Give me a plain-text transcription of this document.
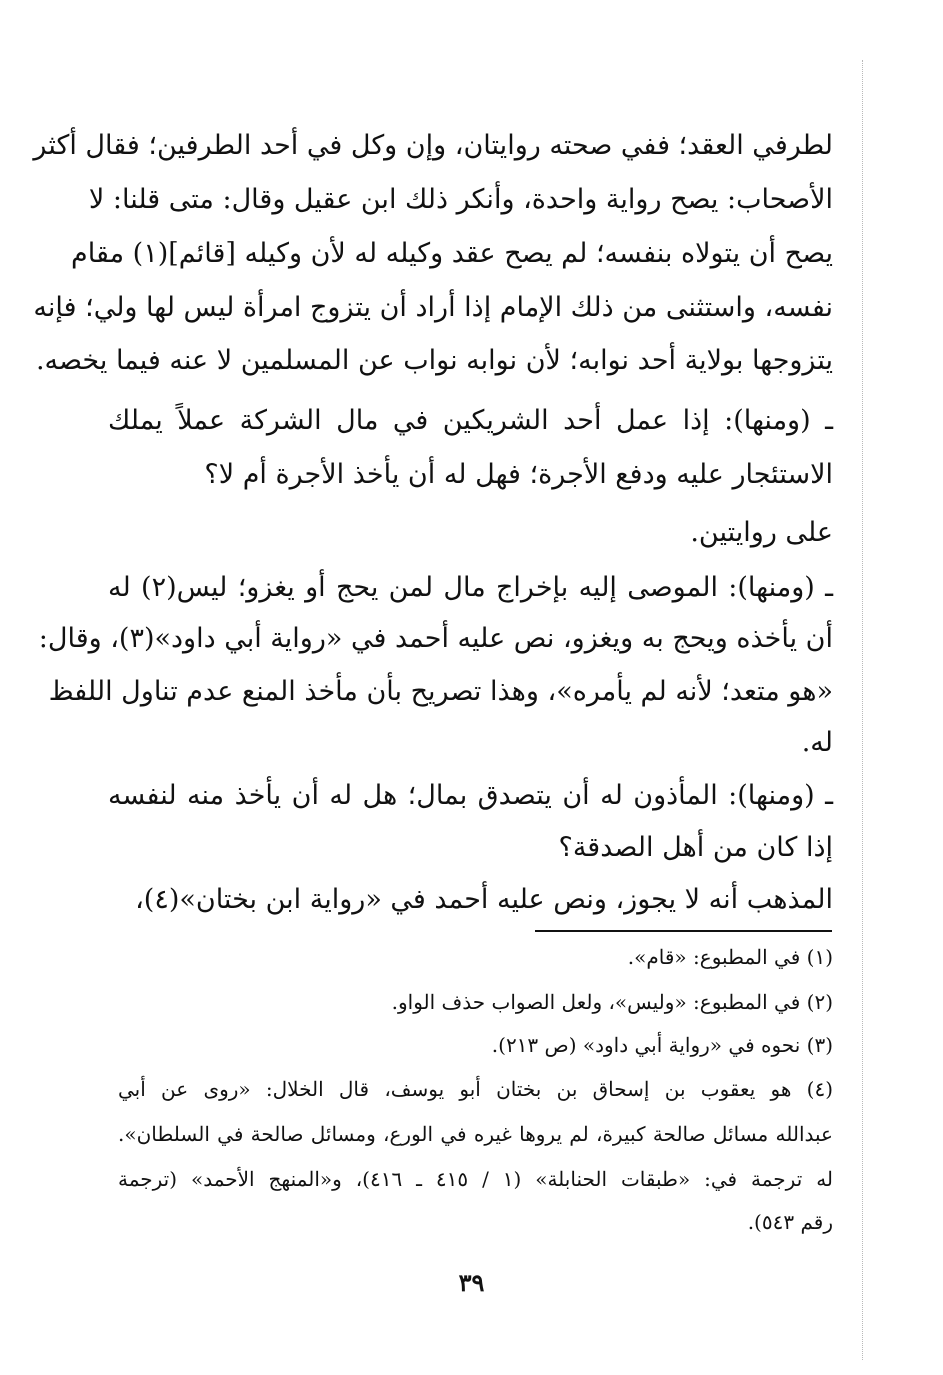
لطرفي العقد؛ ففي صحته روايتان، وإن وكل في أحد الطرفين؛ فقال أكثر
الأصحاب: يصح رواية واحدة، وأنكر ذلك ابن عقيل وقال: متى قلنا: لا
يصح أن يتولاه بنفسه؛ لم يصح عقد وكيله له لأن وكيله [قائم](١) مقام
نفسه، واستثنى من ذلك الإمام إذا أراد أن يتزوج امرأة ليس لها ولي؛ فإنه
يتزوجها بولاية أحد نوابه؛ لأن نوابه نواب عن المسلمين لا عنه فيما يخصه.
ـ (ومنها): إذا عمل أحد الشريكين في مال الشركة عملاً يملك
الاستئجار عليه ودفع الأجرة؛ فهل له أن يأخذ الأجرة أم لا؟
على روايتين.
ـ (ومنها): الموصى إليه بإخراج مال لمن يحج أو يغزو؛ ليس(٢) له
أن يأخذه ويحج به ويغزو، نص عليه أحمد في «رواية أبي داود»(٣)، وقال:
«هو متعد؛ لأنه لم يأمره»، وهذا تصريح بأن مأخذ المنع عدم تناول اللفظ
له.
ـ (ومنها): المأذون له أن يتصدق بمال؛ هل له أن يأخذ منه لنفسه
إذا كان من أهل الصدقة؟
المذهب أنه لا يجوز، ونص عليه أحمد في «رواية ابن بختان»(٤)،
(١) في المطبوع: «قام».
(٢) في المطبوع: «وليس»، ولعل الصواب حذف الواو.
(٣) نحوه في «رواية أبي داود» (ص ٢١٣).
(٤) هو يعقوب بن إسحاق بن بختان أبو يوسف، قال الخلال: «روى عن أبي
عبدالله مسائل صالحة كبيرة، لم يروها غيره في الورع، ومسائل صالحة في السلطان».
له ترجمة في: «طبقات الحنابلة» (١ / ٤١٥ ـ ٤١٦)، و«المنهج الأحمد» (ترجمة
رقم ٥٤٣).
٣٩
